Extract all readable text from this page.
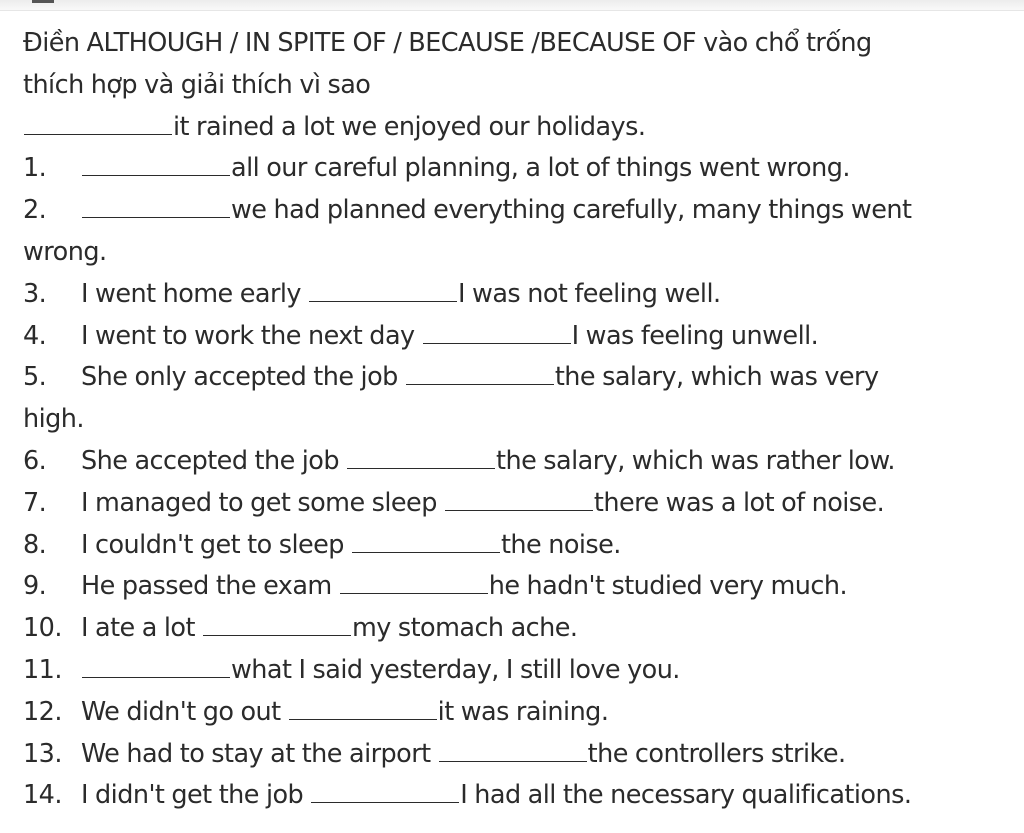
Điền ALTHOUGH / IN SPITE OF / BECAUSE /BECAUSE OF vào chổ trống
thích hợp và giải thích vì sao
it rained a lot we enjoyed our holidays.
1.	all our careful planning, a lot of things went wrong.
2.	we had planned everything carefully, many things went
wrong.
3. I went home early	I was not feeling well.
4. I went to work the next day	I was feeling unwell.
5. She only accepted the job	the salary, which was very
high.
6. She accepted the job	the salary, which was rather low.
7. I managed to get some sleep	there was a lot of noise.
8. I couldn't get to sleep	the noise.
9. He passed the exam	he hadn't studied very much.
10. I ate a lot	my stomach ache.
11.	what I said yesterday, I still love you.
12. We didn't go out	it was raining.
13. We had to stay at the airport	the controllers strike.
14. I didn't get the job	I had all the necessary qualifications.
